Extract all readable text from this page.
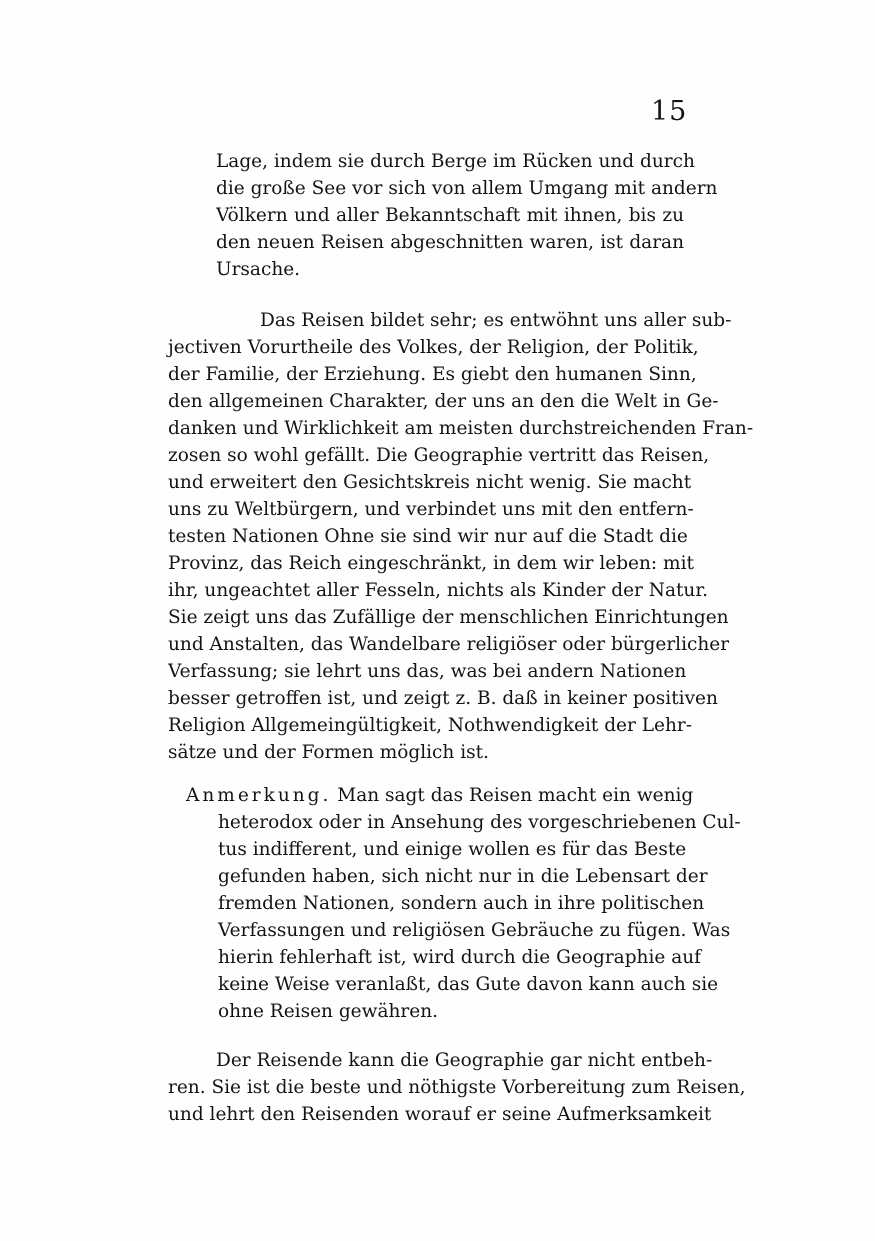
15
Lage, indem sie durch Berge im Rücken und durch
die große See vor sich von allem Umgang mit andern
Völkern und aller Bekanntschaft mit ihnen, bis zu
den neuen Reisen abgeschnitten waren, ist daran
Ursache.
Das Reisen bildet sehr; es entwöhnt uns aller sub-
jectiven Vorurtheile des Volkes, der Religion, der Politik,
der Familie, der Erziehung. Es giebt den humanen Sinn,
den allgemeinen Charakter, der uns an den die Welt in Ge-
danken und Wirklichkeit am meisten durchstreichenden Fran-
zosen so wohl gefällt. Die Geographie vertritt das Reisen,
und erweitert den Gesichtskreis nicht wenig. Sie macht
uns zu Weltbürgern, und verbindet uns mit den entfern-
testen Nationen Ohne sie sind wir nur auf die Stadt die
Provinz, das Reich eingeschränkt, in dem wir leben: mit
ihr, ungeachtet aller Fesseln, nichts als Kinder der Natur.
Sie zeigt uns das Zufällige der menschlichen Einrichtungen
und Anstalten, das Wandelbare religiöser oder bürgerlicher
Verfassung; sie lehrt uns das, was bei andern Nationen
besser getroffen ist, und zeigt z. B. daß in keiner positiven
Religion Allgemeingültigkeit, Nothwendigkeit der Lehr-
sätze und der Formen möglich ist.
Anmerkung. Man sagt das Reisen macht ein wenig
heterodox oder in Ansehung des vorgeschriebenen Cul-
tus indifferent, und einige wollen es für das Beste
gefunden haben, sich nicht nur in die Lebensart der
fremden Nationen, sondern auch in ihre politischen
Verfassungen und religiösen Gebräuche zu fügen. Was
hierin fehlerhaft ist, wird durch die Geographie auf
keine Weise veranlaßt, das Gute davon kann auch sie
ohne Reisen gewähren.
Der Reisende kann die Geographie gar nicht entbeh-
ren. Sie ist die beste und nöthigste Vorbereitung zum Reisen,
und lehrt den Reisenden worauf er seine Aufmerksamkeit
